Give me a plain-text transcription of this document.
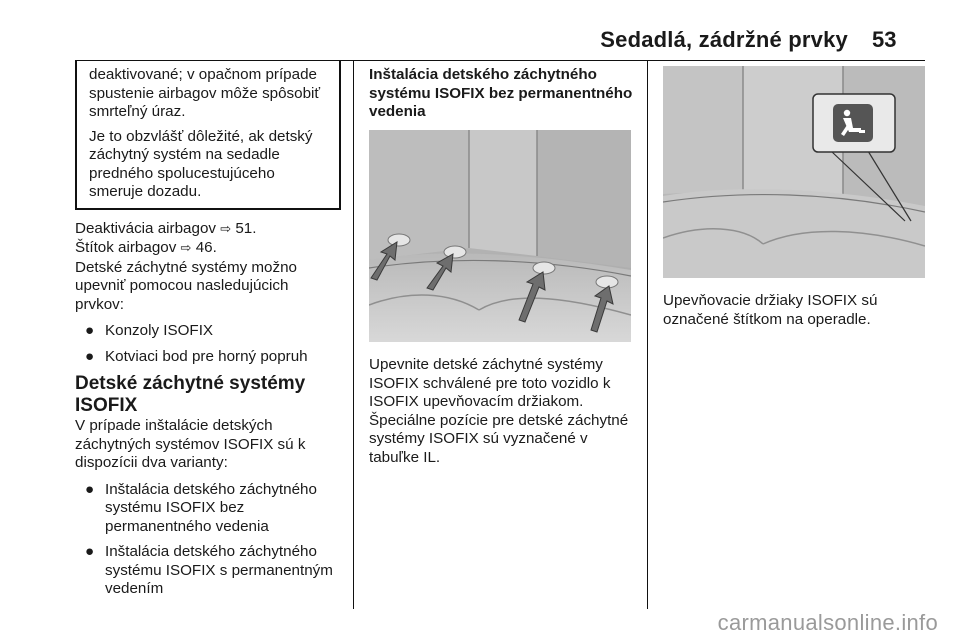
Sedadlá, zádržné prvky 53

deaktivované; v opačnom prípade spustenie airbagov môže spôsobiť smrteľný úraz.

Je to obzvlášť dôležité, ak detský záchytný systém na sedadle predného spolucestujúceho smeruje dozadu.

Deaktivácia airbagov ⇨ 51.

Štítok airbagov ⇨ 46.

Detské záchytné systémy možno upevniť pomocou nasledujúcich prvkov:

● Konzoly ISOFIX
● Kotviaci bod pre horný popruh

Detské záchytné systémy ISOFIX

V prípade inštalácie detských záchytných systémov ISOFIX sú k dispozícii dva varianty:

● Inštalácia detského záchytného systému ISOFIX bez permanentného vedenia
● Inštalácia detského záchytného systému ISOFIX s permanentným vedením

Inštalácia detského záchytného systému ISOFIX bez permanentného vedenia

Upevnite detské záchytné systémy ISOFIX schválené pre toto vozidlo k ISOFIX upevňovacím držiakom. Špeciálne pozície pre detské záchytné systémy ISOFIX sú vyznačené v tabuľke IL.

Upevňovacie držiaky ISOFIX sú označené štítkom na operadle.

carmanualsonline.info
